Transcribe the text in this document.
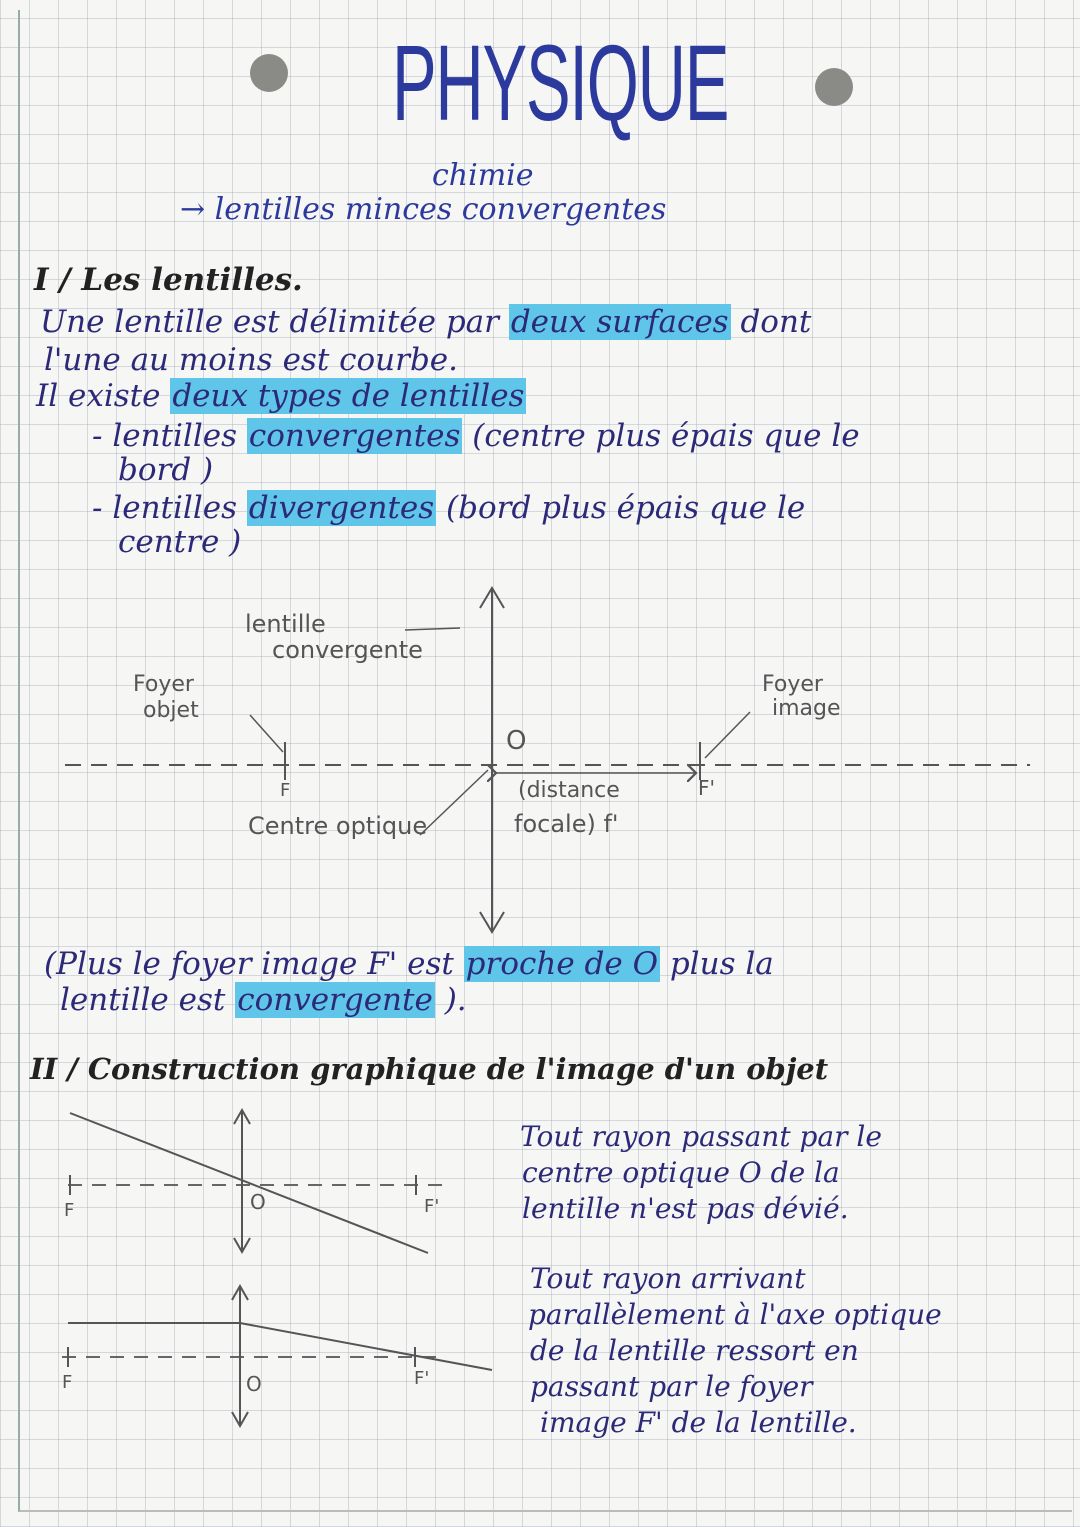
PHYSIQUE
chimie
→ lentilles minces convergentes
I / Les lentilles.
Une lentille est délimitée par deux surfaces dont
l'une au moins est courbe.
Il existe deux types de lentilles
- lentilles convergentes (centre plus épais que le
bord )
- lentilles divergentes (bord plus épais que le
centre )
lentille
convergente
Foyer
objet
Foyer
image
O
F	F'
Centre optique
(distance
focale) f'
(Plus le foyer image F' est proche de O plus la
lentille est convergente ).
II / Construction graphique de l'image d'un objet
F	O	F'
F	O	F'
Tout rayon passant par le
centre optique O de la
lentille n'est pas dévié.
Tout rayon arrivant
parallèlement à l'axe optique
de la lentille ressort en
passant par le foyer
image F' de la lentille.
